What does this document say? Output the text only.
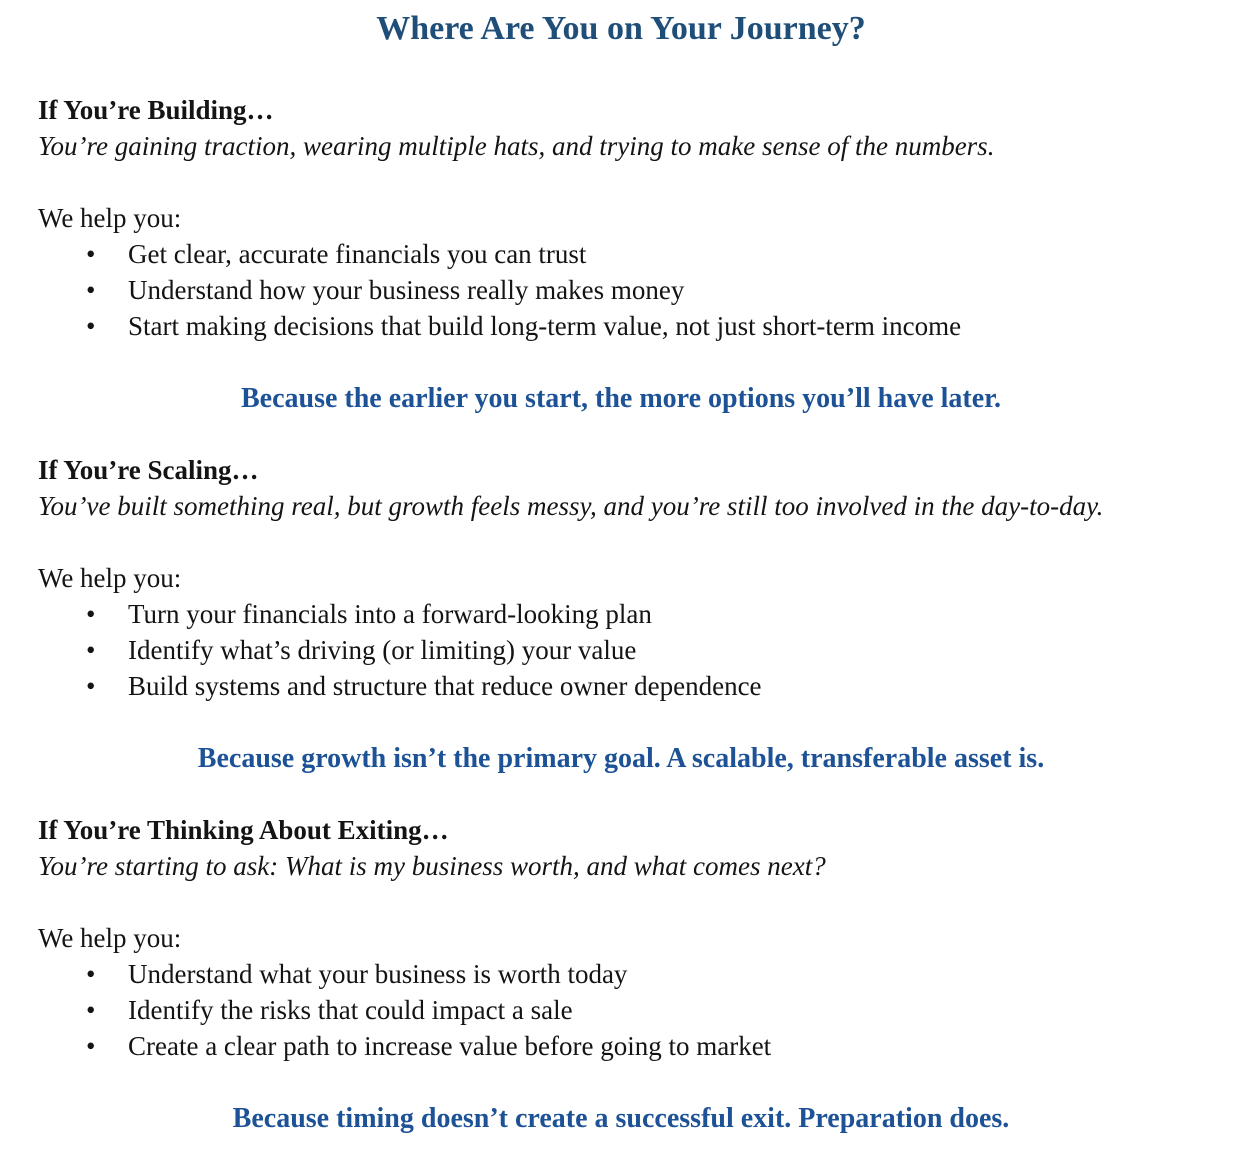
Where Are You on Your Journey?
If You’re Building…

You’re gaining traction, wearing multiple hats, and trying to make sense of the numbers.

We help you:

• Get clear, accurate financials you can trust
• Understand how your business really makes money
• Start making decisions that build long-term value, not just short-term income

Because the earlier you start, the more options you’ll have later.

If You’re Scaling…

You’ve built something real, but growth feels messy, and you’re still too involved in the day-to-day.

We help you:

• Turn your financials into a forward-looking plan
• Identify what’s driving (or limiting) your value
• Build systems and structure that reduce owner dependence

Because growth isn’t the primary goal. A scalable, transferable asset is.

If You’re Thinking About Exiting…

You’re starting to ask: What is my business worth, and what comes next?

We help you:

• Understand what your business is worth today
• Identify the risks that could impact a sale
• Create a clear path to increase value before going to market

Because timing doesn’t create a successful exit. Preparation does.
